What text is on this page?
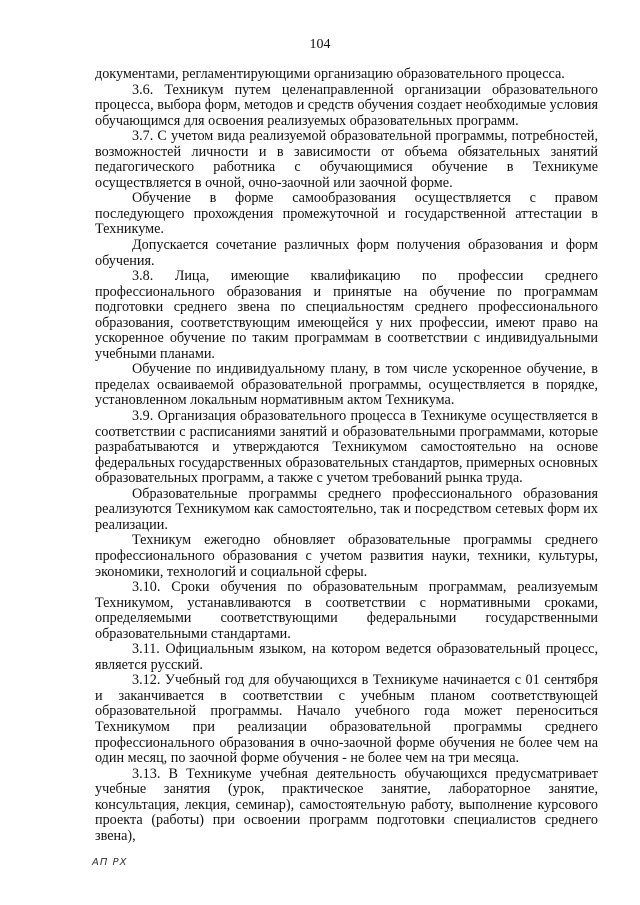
104

документами, регламентирующими организацию образовательного процесса.

3.6. Техникум путем целенаправленной организации образовательного процесса, выбора форм, методов и средств обучения создает необходимые условия обучающимся для освоения реализуемых образовательных программ.

3.7. С учетом вида реализуемой образовательной программы, потребностей, возможностей личности и в зависимости от объема обязательных занятий педагогического работника с обучающимися обучение в Техникуме осуществляется в очной, очно-заочной или заочной форме.

Обучение в форме самообразования осуществляется с правом последующего прохождения промежуточной и государственной аттестации в Техникуме.

Допускается сочетание различных форм получения образования и форм обучения.

3.8. Лица, имеющие квалификацию по профессии среднего профессионального образования и принятые на обучение по программам подготовки среднего звена по специальностям среднего профессионального образования, соответствующим имеющейся у них профессии, имеют право на ускоренное обучение по таким программам в соответствии с индивидуальными учебными планами.

Обучение по индивидуальному плану, в том числе ускоренное обучение, в пределах осваиваемой образовательной программы, осуществляется в порядке, установленном локальным нормативным актом Техникума.

3.9. Организация образовательного процесса в Техникуме осуществляется в соответствии с расписаниями занятий и образовательными программами, которые разрабатываются и утверждаются Техникумом самостоятельно на основе федеральных государственных образовательных стандартов, примерных основных образовательных программ, а также с учетом требований рынка труда.

Образовательные программы среднего профессионального образования реализуются Техникумом как самостоятельно, так и посредством сетевых форм их реализации.

Техникум ежегодно обновляет образовательные программы среднего профессионального образования с учетом развития науки, техники, культуры, экономики, технологий и социальной сферы.

3.10. Сроки обучения по образовательным программам, реализуемым Техникумом, устанавливаются в соответствии с нормативными сроками, определяемыми соответствующими федеральными государственными образовательными стандартами.

3.11. Официальным языком, на котором ведется образовательный процесс, является русский.

3.12. Учебный год для обучающихся в Техникуме начинается с 01 сентября и заканчивается в соответствии с учебным планом соответствующей образовательной программы. Начало учебного года может переноситься Техникумом при реализации образовательной программы среднего профессионального образования в очно-заочной форме обучения не более чем на один месяц, по заочной форме обучения - не более чем на три месяца.

3.13. В Техникуме учебная деятельность обучающихся предусматривает учебные занятия (урок, практическое занятие, лабораторное занятие, консультация, лекция, семинар), самостоятельную работу, выполнение курсового проекта (работы) при освоении программ подготовки специалистов среднего звена),

АП РХ
